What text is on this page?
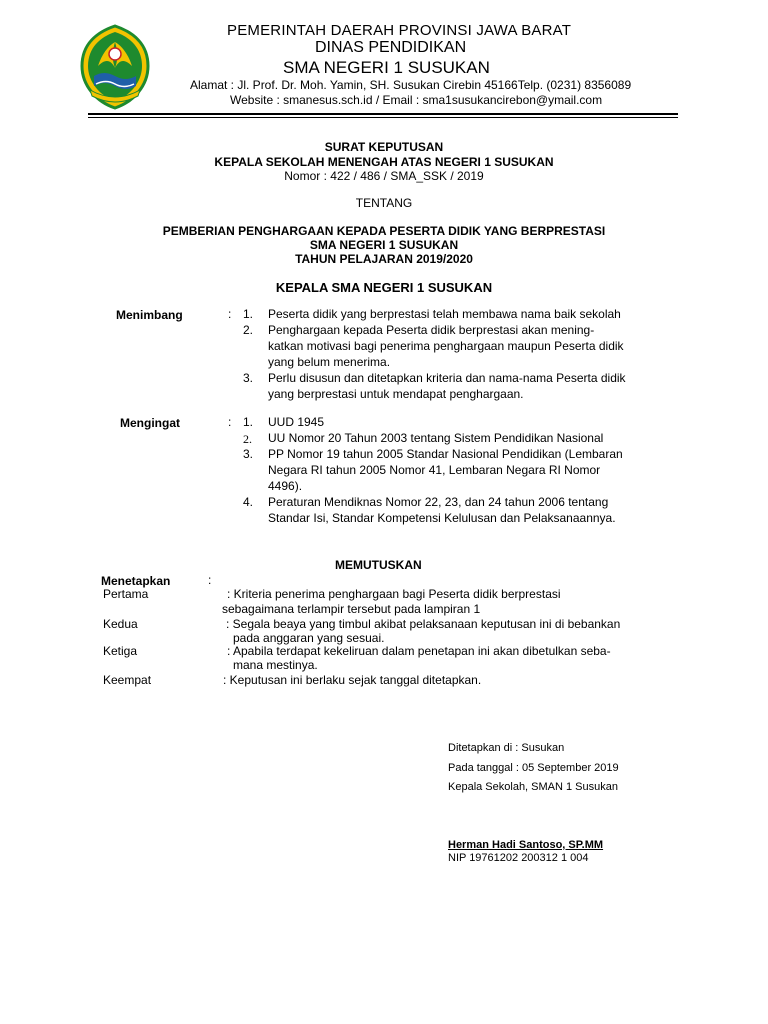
PEMERINTAH DAERAH PROVINSI JAWA BARAT
DINAS PENDIDIKAN
SMA NEGERI 1 SUSUKAN
Alamat : Jl. Prof. Dr. Moh. Yamin, SH. Susukan Cirebin 45166Telp. (0231) 8356089
Website : smanesus.sch.id / Email : sma1susukancirebon@ymail.com
SURAT KEPUTUSAN
KEPALA SEKOLAH MENENGAH ATAS NEGERI 1 SUSUKAN
Nomor : 422 / 486 / SMA_SSK / 2019
TENTANG
PEMBERIAN PENGHARGAAN KEPADA PESERTA DIDIK YANG BERPRESTASI
SMA NEGERI 1 SUSUKAN
TAHUN PELAJARAN 2019/2020
KEPALA SMA NEGERI 1 SUSUKAN
Menimbang	: 1. Peserta didik yang berprestasi telah membawa nama baik sekolah
2. Penghargaan kepada Peserta didik berprestasi akan mening-
katkan motivasi bagi penerima penghargaan maupun Peserta didik
yang belum menerima.
3. Perlu disusun dan ditetapkan kriteria dan nama-nama Peserta didik
yang berprestasi untuk mendapat penghargaan.
Mengingat	: 1. UUD 1945
2. UU Nomor 20 Tahun 2003 tentang Sistem Pendidikan Nasional
3. PP Nomor 19 tahun 2005 Standar Nasional Pendidikan (Lembaran
Negara RI tahun 2005 Nomor 41, Lembaran Negara RI Nomor
4496).
4. Peraturan Mendiknas Nomor 22, 23, dan 24 tahun 2006 tentang
Standar Isi, Standar Kompetensi Kelulusan dan Pelaksanaannya.
MEMUTUSKAN
Menetapkan	:
Pertama	: Kriteria penerima penghargaan bagi Peserta didik berprestasi
sebagaimana terlampir tersebut pada lampiran 1
Kedua	: Segala beaya yang timbul akibat pelaksanaan keputusan ini di bebankan
pada anggaran yang sesuai.
Ketiga	: Apabila terdapat kekeliruan dalam penetapan ini akan dibetulkan seba-
mana mestinya.
Keempat	: Keputusan ini berlaku sejak tanggal ditetapkan.
Ditetapkan di : Susukan
Pada tanggal : 05 September 2019
Kepala Sekolah, SMAN 1 Susukan
Herman Hadi Santoso, SP.MM
NIP 19761202 200312 1 004
